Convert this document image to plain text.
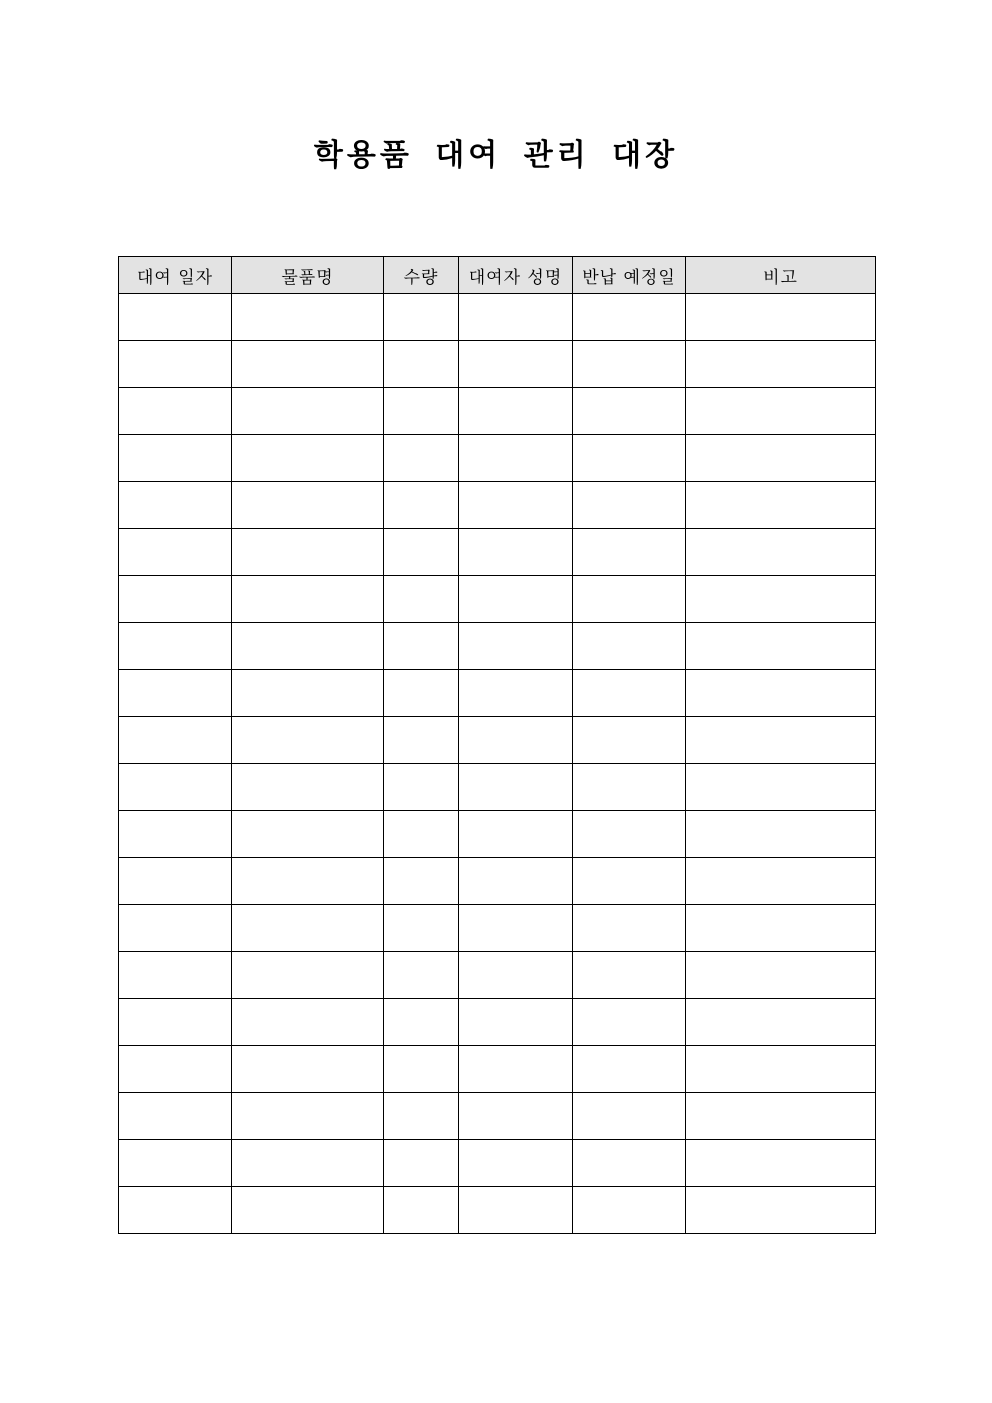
학용품 대여 관리 대장
대여 일자	물품명	수량	대여자 성명	반납 예정일	비고
